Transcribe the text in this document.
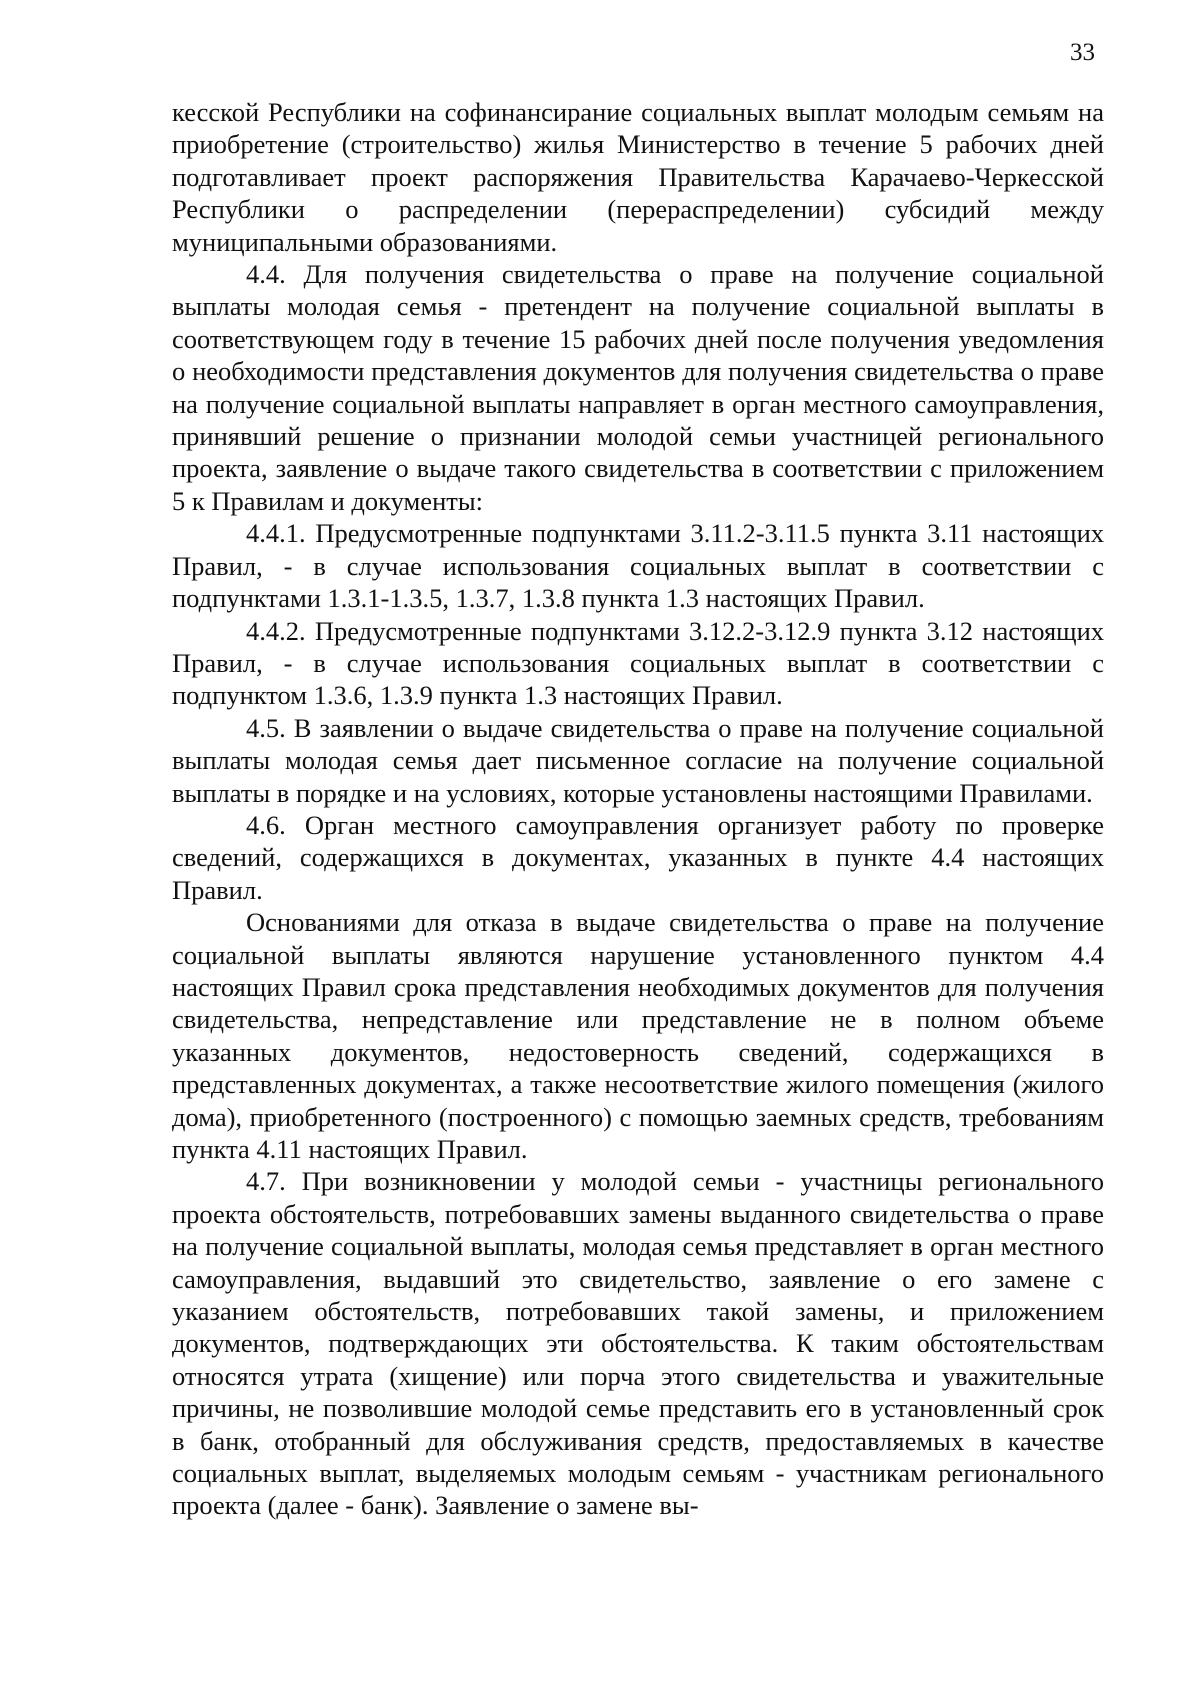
33

кесской Республики на софинансирание социальных выплат молодым семьям на приобретение (строительство) жилья Министерство в течение 5 рабочих дней подготавливает проект распоряжения Правительства Карачаево-Черкесской Республики о распределении (перераспределении) субсидий между муниципальными образованиями.

4.4. Для получения свидетельства о праве на получение социальной выплаты молодая семья - претендент на получение социальной выплаты в соответствующем году в течение 15 рабочих дней после получения уведомления о необходимости представления документов для получения свидетельства о праве на получение социальной выплаты направляет в орган местного самоуправления, принявший решение о признании молодой семьи участницей регионального проекта, заявление о выдаче такого свидетельства в соответствии с приложением 5 к Правилам и документы:

4.4.1. Предусмотренные подпунктами 3.11.2-3.11.5 пункта 3.11 настоящих Правил, - в случае использования социальных выплат в соответствии с подпунктами 1.3.1-1.3.5, 1.3.7, 1.3.8 пункта 1.3 настоящих Правил.

4.4.2. Предусмотренные подпунктами 3.12.2-3.12.9 пункта 3.12 настоящих Правил, - в случае использования социальных выплат в соответствии с подпунктом 1.3.6, 1.3.9 пункта 1.3 настоящих Правил.

4.5. В заявлении о выдаче свидетельства о праве на получение социальной выплаты молодая семья дает письменное согласие на получение социальной выплаты в порядке и на условиях, которые установлены настоящими Правилами.

4.6. Орган местного самоуправления организует работу по проверке сведений, содержащихся в документах, указанных в пункте 4.4 настоящих Правил.

Основаниями для отказа в выдаче свидетельства о праве на получение социальной выплаты являются нарушение установленного пунктом 4.4 настоящих Правил срока представления необходимых документов для получения свидетельства, непредставление или представление не в полном объеме указанных документов, недостоверность сведений, содержащихся в представленных документах, а также несоответствие жилого помещения (жилого дома), приобретенного (построенного) с помощью заемных средств, требованиям пункта 4.11 настоящих Правил.

4.7. При возникновении у молодой семьи - участницы регионального проекта обстоятельств, потребовавших замены выданного свидетельства о праве на получение социальной выплаты, молодая семья представляет в орган местного самоуправления, выдавший это свидетельство, заявление о его замене с указанием обстоятельств, потребовавших такой замены, и приложением документов, подтверждающих эти обстоятельства. К таким обстоятельствам относятся утрата (хищение) или порча этого свидетельства и уважительные причины, не позволившие молодой семье представить его в установленный срок в банк, отобранный для обслуживания средств, предоставляемых в качестве социальных выплат, выделяемых молодым семьям - участникам регионального проекта (далее - банк). Заявление о замене вы-
